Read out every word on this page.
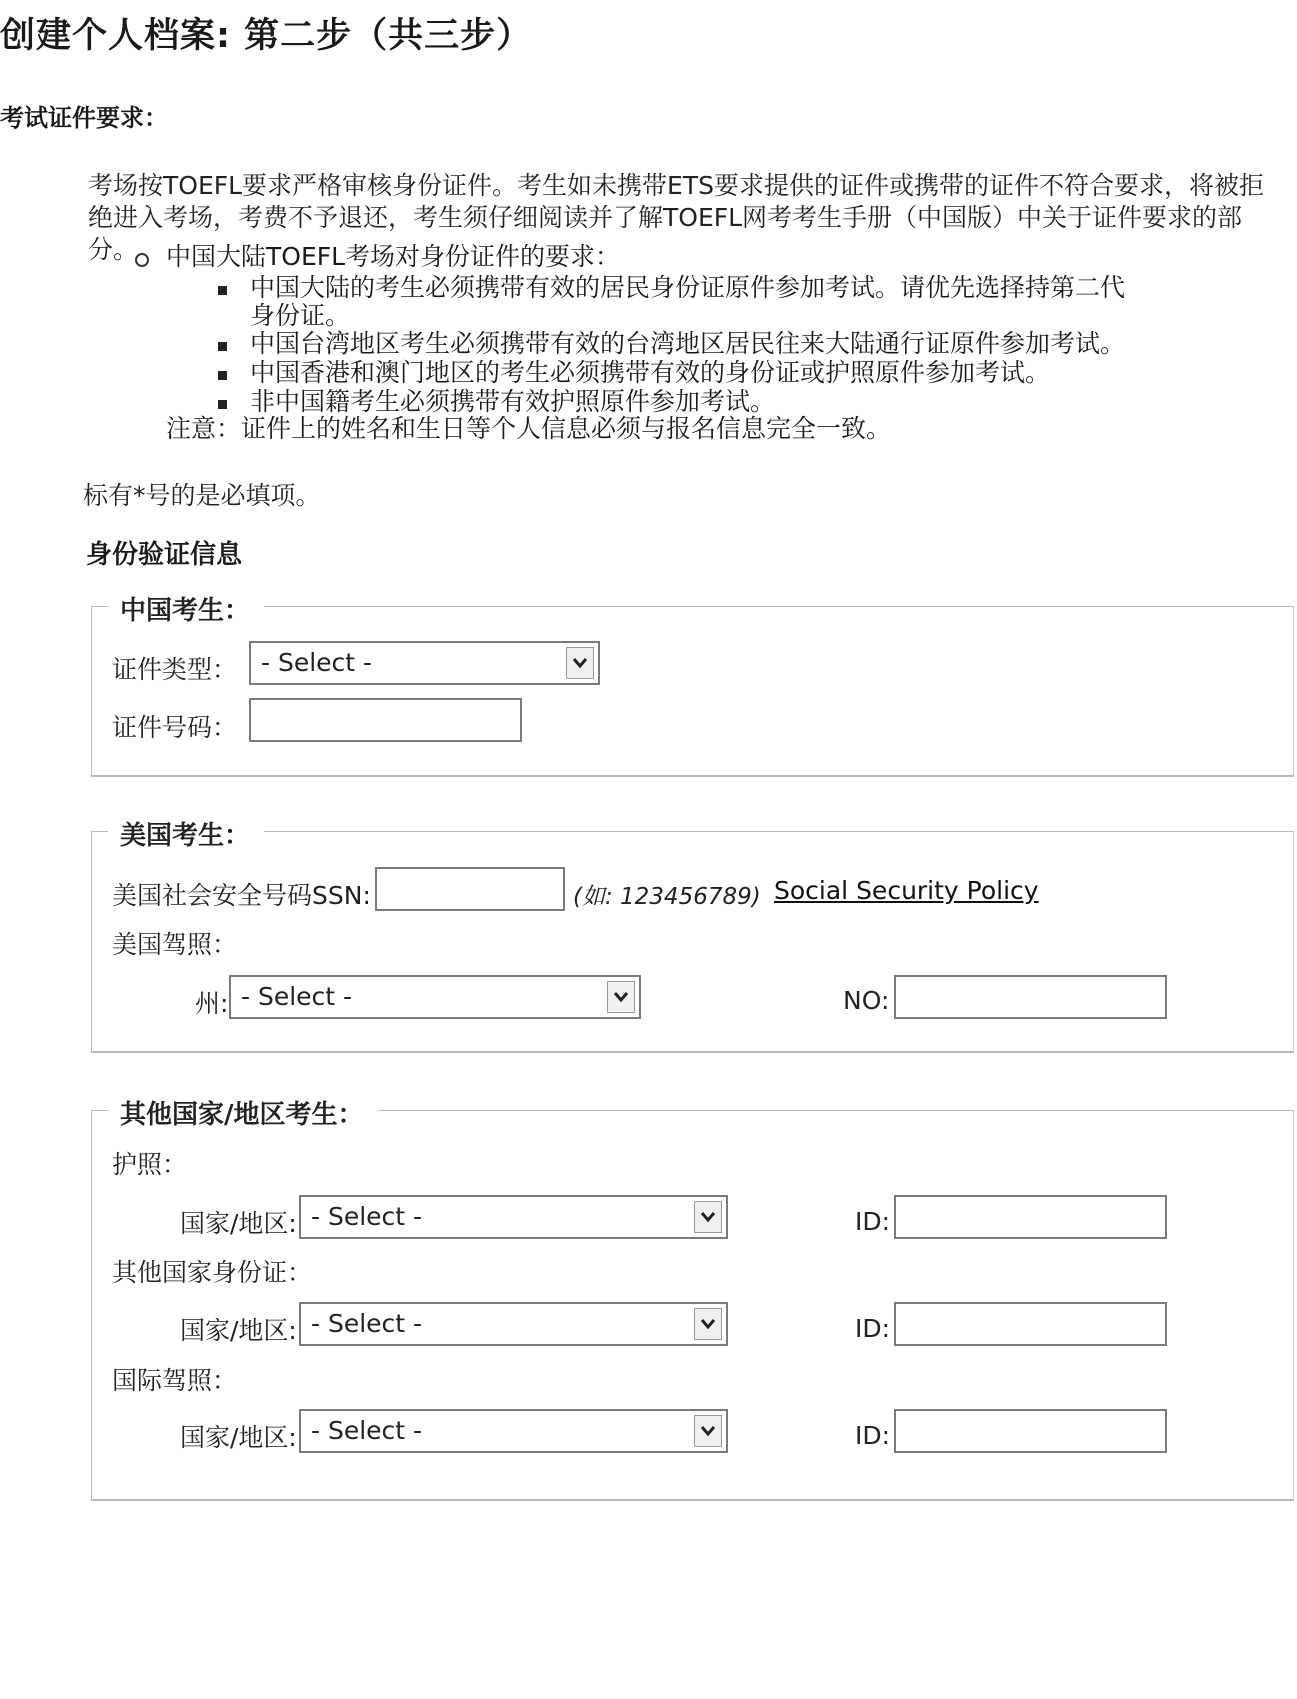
创建个人档案: 第二步（共三步）
考试证件要求：
考场按TOEFL要求严格审核身份证件。考生如未携带ETS要求提供的证件或携带的证件不符合要求，将被拒绝进入考场，考费不予退还，考生须仔细阅读并了解TOEFL网考考生手册（中国版）中关于证件要求的部分。	中国大陆TOEFL考场对身份证件的要求：
中国大陆的考生必须携带有效的居民身份证原件参加考试。请优先选择持第二代
身份证。
中国台湾地区考生必须携带有效的台湾地区居民往来大陆通行证原件参加考试。
中国香港和澳门地区的考生必须携带有效的身份证或护照原件参加考试。
非中国籍考生必须携带有效护照原件参加考试。
注意：证件上的姓名和生日等个人信息必须与报名信息完全一致。
标有*号的是必填项。
身份验证信息
中国考生：
证件类型： - Select -
证件号码：
美国考生：
美国社会安全号码SSN:	(如: 123456789) Social Security Policy
美国驾照：
州: - Select -	NO:
其他国家/地区考生：
护照：
国家/地区: - Select -	ID:
其他国家身份证：
国家/地区: - Select -	ID:
国际驾照：
国家/地区: - Select -	ID:
